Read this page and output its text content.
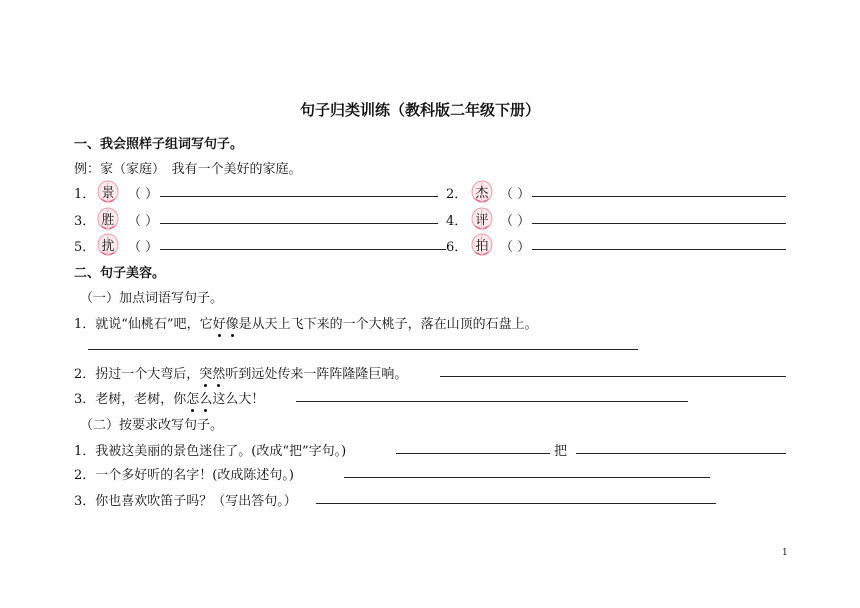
句子归类训练（教科版二年级下册）
一、我会照样子组词写句子。
例：家（家庭）　我有一个美好的家庭。
1． 景	（ ）	2． 杰 （ ）
3． 胜	（ ）	4． 评 （ ）
5． 扰	（ ）	6． 拍 （ ）
二、句子美容。
（一）加点词语写句子。
1．就说“仙桃石”吧，它好像是从天上飞下来的一个大桃子，落在山顶的石盘上。
2．拐过一个大弯后，突然听到远处传来一阵阵隆隆巨响。
3．老树，老树，你怎么这么大！
（二）按要求改写句子。
1．我被这美丽的景色迷住了。(改成“把”字句。)	把
2．一个多好听的名字！(改成陈述句。)
3．你也喜欢吹笛子吗？（写出答句。）
1
